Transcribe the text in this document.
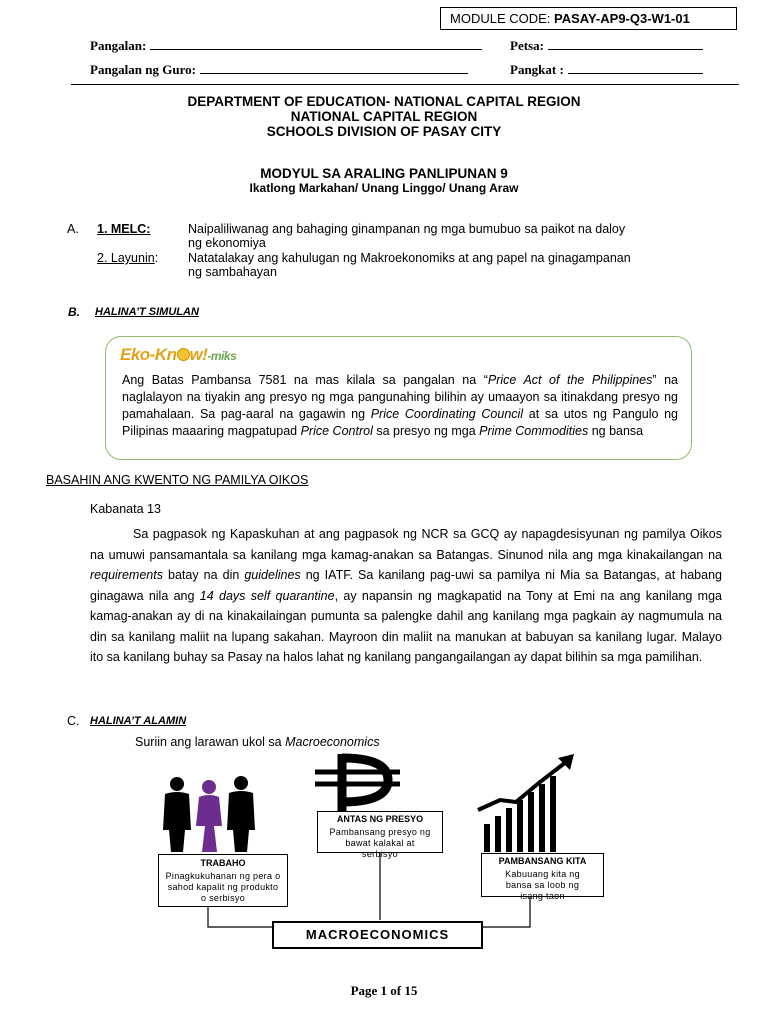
MODULE CODE: PASAY-AP9-Q3-W1-01
Pangalan:	Petsa:
Pangalan ng Guro:	Pangkat :
DEPARTMENT OF EDUCATION- NATIONAL CAPITAL REGION
NATIONAL CAPITAL REGION
SCHOOLS DIVISION OF PASAY CITY
MODYUL SA ARALING PANLIPUNAN 9
Ikatlong Markahan/ Unang Linggo/ Unang Araw
A. 1. MELC:	Naipaliliwanag ang bahaging ginampanan ng mga bumubuo sa paikot na daloy
ng ekonomiya
2. Layunin: Natatalakay ang kahulugan ng Makroekonomiks at ang papel na ginagampanan
ng sambahayan
B. HALINA’T SIMULAN
Eko-Kn w!-miks
Ang Batas Pambansa 7581 na mas kilala sa pangalan na “Price Act of the Philippines” na naglalayon na tiyakin ang presyo ng mga pangunahing bilihin ay umaayon sa itinakdang presyo ng pamahalaan. Sa pag-aaral na gagawin ng Price Coordinating Council at sa utos ng Pangulo ng Pilipinas maaaring magpatupad Price Control sa presyo ng mga Prime Commodities ng bansa
BASAHIN ANG KWENTO NG PAMILYA OIKOS
Kabanata 13
Sa pagpasok ng Kapaskuhan at ang pagpasok ng NCR sa GCQ ay napagdesisyunan ng pamilya Oikos na umuwi pansamantala sa kanilang mga kamag-anakan sa Batangas. Sinunod nila ang mga kinakailangan na requirements batay na din guidelines ng IATF. Sa kanilang pag-uwi sa pamilya ni Mia sa Batangas, at habang ginagawa nila ang 14 days self quarantine, ay napansin ng magkapatid na Tony at Emi na ang kanilang mga kamag-anakan ay di na kinakailaingan pumunta sa palengke dahil ang kanilang mga pagkain ay nagmumula na din sa kanilang maliit na lupang sakahan. Mayroon din maliit na manukan at babuyan sa kanilang lugar. Malayo ito sa kanilang buhay sa Pasay na halos lahat ng kanilang pangangailangan ay dapat bilihin sa mga pamilihan.
C. HALINA’T ALAMIN
Suriin ang larawan ukol sa Macroeconomics
TRABAHO
Pinagkukuhanan ng pera o sahod kapalit ng produkto o serbisyo
ANTAS NG PRESYO
Pambansang presyo ng bawat kalakal at serbisyo
PAMBANSANG KITA
Kabuuang kita ng bansa sa loob ng isang taon
MACROECONOMICS
Page 1 of 15
